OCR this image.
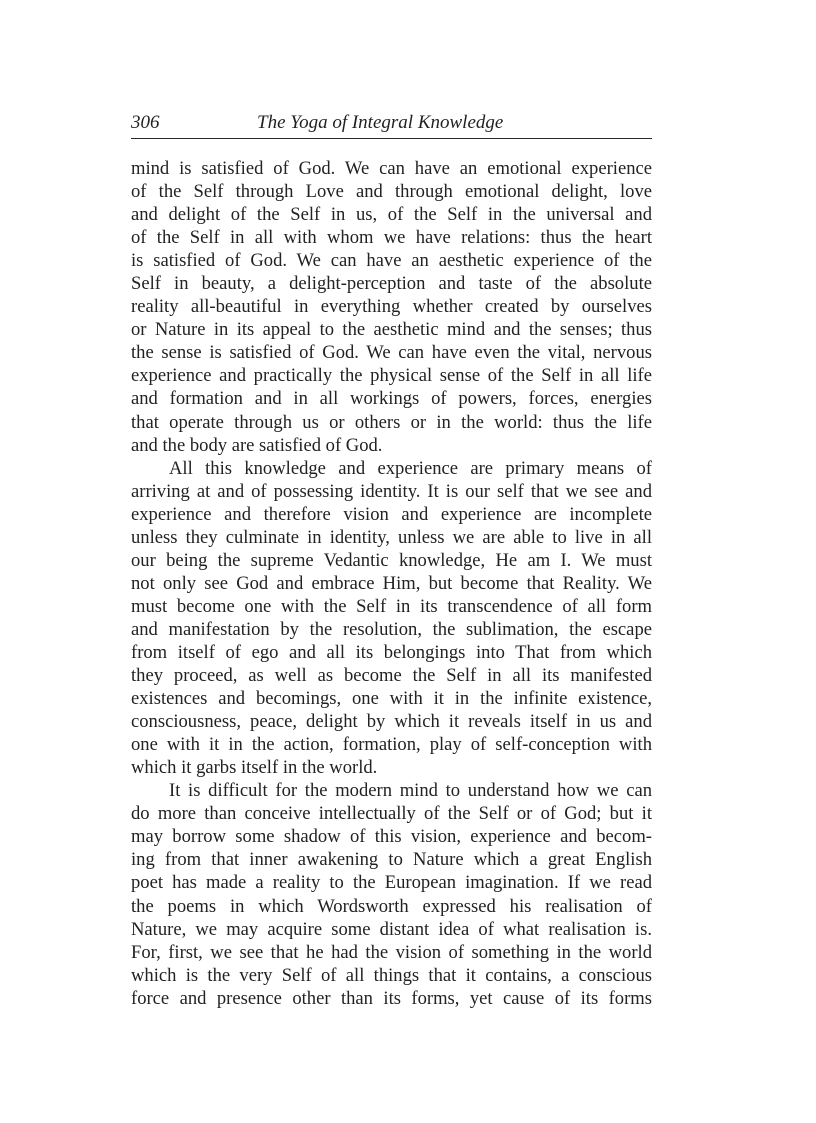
306	The Yoga of Integral Knowledge
mind is satisfied of God. We can have an emotional experience
of the Self through Love and through emotional delight, love
and delight of the Self in us, of the Self in the universal and
of the Self in all with whom we have relations: thus the heart
is satisfied of God. We can have an aesthetic experience of the
Self in beauty, a delight-perception and taste of the absolute
reality all-beautiful in everything whether created by ourselves
or Nature in its appeal to the aesthetic mind and the senses; thus
the sense is satisfied of God. We can have even the vital, nervous
experience and practically the physical sense of the Self in all life
and formation and in all workings of powers, forces, energies
that operate through us or others or in the world: thus the life
and the body are satisfied of God.
All this knowledge and experience are primary means of
arriving at and of possessing identity. It is our self that we see and
experience and therefore vision and experience are incomplete
unless they culminate in identity, unless we are able to live in all
our being the supreme Vedantic knowledge, He am I. We must
not only see God and embrace Him, but become that Reality. We
must become one with the Self in its transcendence of all form
and manifestation by the resolution, the sublimation, the escape
from itself of ego and all its belongings into That from which
they proceed, as well as become the Self in all its manifested
existences and becomings, one with it in the infinite existence,
consciousness, peace, delight by which it reveals itself in us and
one with it in the action, formation, play of self-conception with
which it garbs itself in the world.
It is difficult for the modern mind to understand how we can
do more than conceive intellectually of the Self or of God; but it
may borrow some shadow of this vision, experience and becom-
ing from that inner awakening to Nature which a great English
poet has made a reality to the European imagination. If we read
the poems in which Wordsworth expressed his realisation of
Nature, we may acquire some distant idea of what realisation is.
For, first, we see that he had the vision of something in the world
which is the very Self of all things that it contains, a conscious
force and presence other than its forms, yet cause of its forms
